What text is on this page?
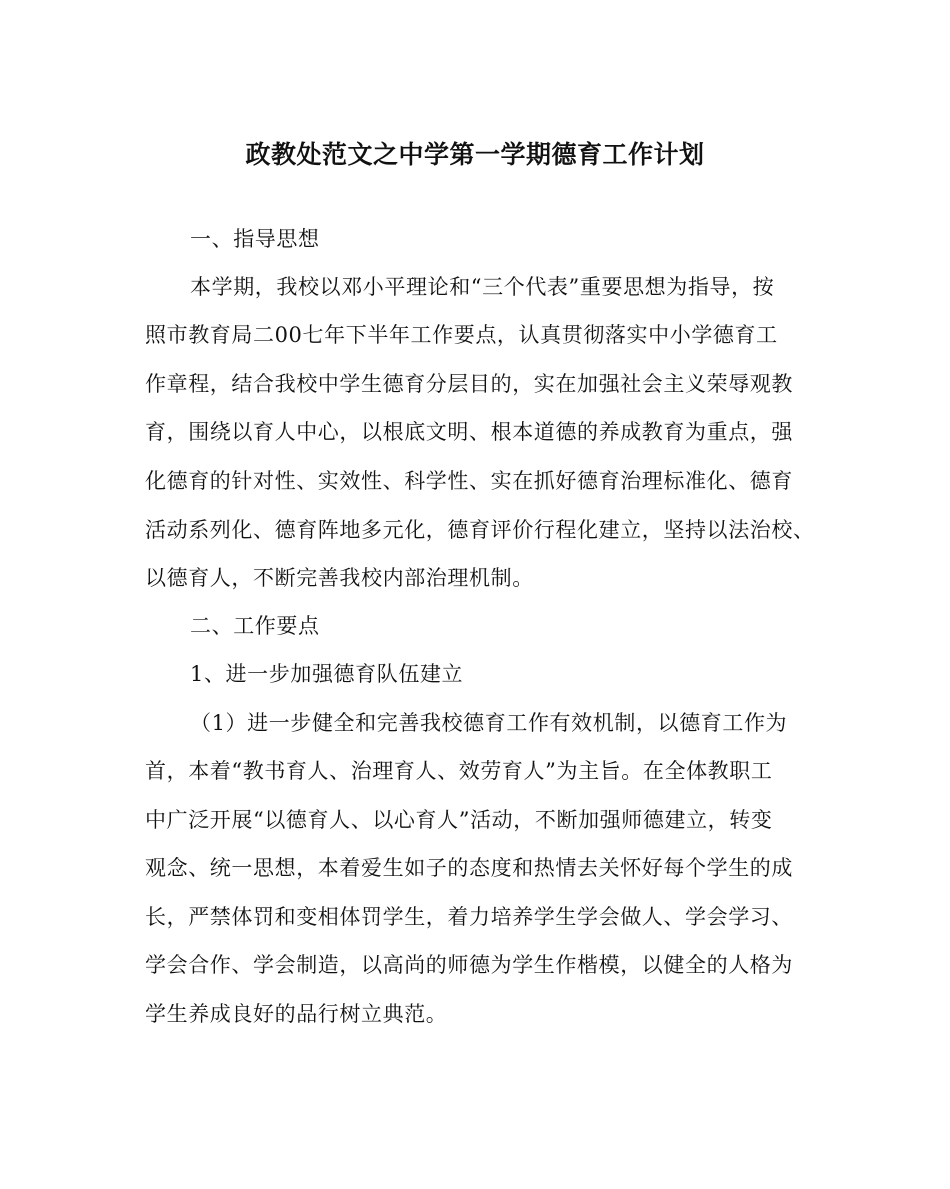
政教处范文之中学第一学期德育工作计划
一、指导思想
本学期，我校以邓小平理论和“三个代表”重要思想为指导，按
照市教育局二00七年下半年工作要点，认真贯彻落实中小学德育工
作章程，结合我校中学生德育分层目的，实在加强社会主义荣辱观教
育，围绕以育人中心，以根底文明、根本道德的养成教育为重点，强
化德育的针对性、实效性、科学性、实在抓好德育治理标准化、德育
活动系列化、德育阵地多元化，德育评价行程化建立，坚持以法治校、
以德育人，不断完善我校内部治理机制。
二、工作要点
1、进一步加强德育队伍建立
（1）进一步健全和完善我校德育工作有效机制，以德育工作为
首，本着“教书育人、治理育人、效劳育人”为主旨。在全体教职工
中广泛开展“以德育人、以心育人”活动，不断加强师德建立，转变
观念、统一思想，本着爱生如子的态度和热情去关怀好每个学生的成
长，严禁体罚和变相体罚学生，着力培养学生学会做人、学会学习、
学会合作、学会制造，以高尚的师德为学生作楷模，以健全的人格为
学生养成良好的品行树立典范。
